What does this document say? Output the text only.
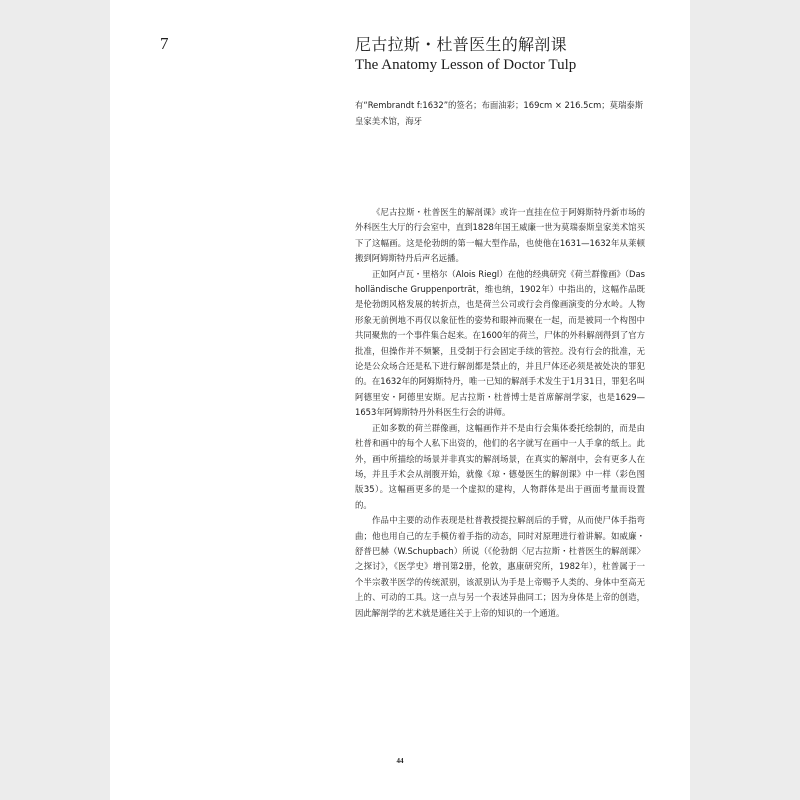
7	尼古拉斯・杜普医生的解剖课
The Anatomy Lesson of Doctor Tulp
有“Rembrandt f:1632”的签名；布面油彩；169cm × 216.5cm；莫瑞泰斯皇家美术馆，海牙

《尼古拉斯・杜普医生的解剖课》或许一直挂在位于阿姆斯特丹新市场的外科医生大厅的行会室中，直到1828年国王威廉一世为莫瑞泰斯皇家美术馆买下了这幅画。这是伦勃朗的第一幅大型作品，也使他在1631—1632年从莱顿搬到阿姆斯特丹后声名远播。

正如阿卢瓦・里格尔（Alois Riegl）在他的经典研究《荷兰群像画》（Das holländische Gruppenporträt，维也纳，1902年）中指出的，这幅作品既是伦勃朗风格发展的转折点，也是荷兰公司或行会肖像画演变的分水岭。人物形象无前例地不再仅以象征性的姿势和眼神而聚在一起，而是被同一个构图中共同聚焦的一个事件集合起来。在1600年的荷兰，尸体的外科解剖得到了官方批准，但操作并不频繁，且受制于行会固定手续的管控。没有行会的批准，无论是公众场合还是私下进行解剖都是禁止的，并且尸体还必须是被处决的罪犯的。在1632年的阿姆斯特丹，唯一已知的解剖手术发生于1月31日，罪犯名叫阿德里安・阿德里安斯。尼古拉斯・杜普博士是首席解剖学家，也是1629—1653年阿姆斯特丹外科医生行会的讲师。

正如多数的荷兰群像画，这幅画作并不是由行会集体委托绘制的，而是由杜普和画中的每个人私下出资的，他们的名字就写在画中一人手拿的纸上。此外，画中所描绘的场景并非真实的解剖场景，在真实的解剖中，会有更多人在场，并且手术会从剖腹开始，就像《琼・德曼医生的解剖课》中一样（彩色图版35）。这幅画更多的是一个虚拟的建构，人物群体是出于画面考量而设置的。

作品中主要的动作表现是杜普教授提拉解剖后的手臂，从而使尸体手指弯曲；他也用自己的左手模仿着手指的动态，同时对原理进行着讲解。如威廉・舒普巴赫（W.Schupbach）所说（《伦勃朗〈尼古拉斯・杜普医生的解剖课〉之探讨》，《医学史》增刊第2册，伦敦，惠康研究所，1982年），杜普属于一个半宗教半医学的传统派别，该派别认为手是上帝赐予人类的、身体中至高无上的、可动的工具。这一点与另一个表述异曲同工；因为身体是上帝的创造，因此解剖学的艺术就是通往关于上帝的知识的一个通道。

44
